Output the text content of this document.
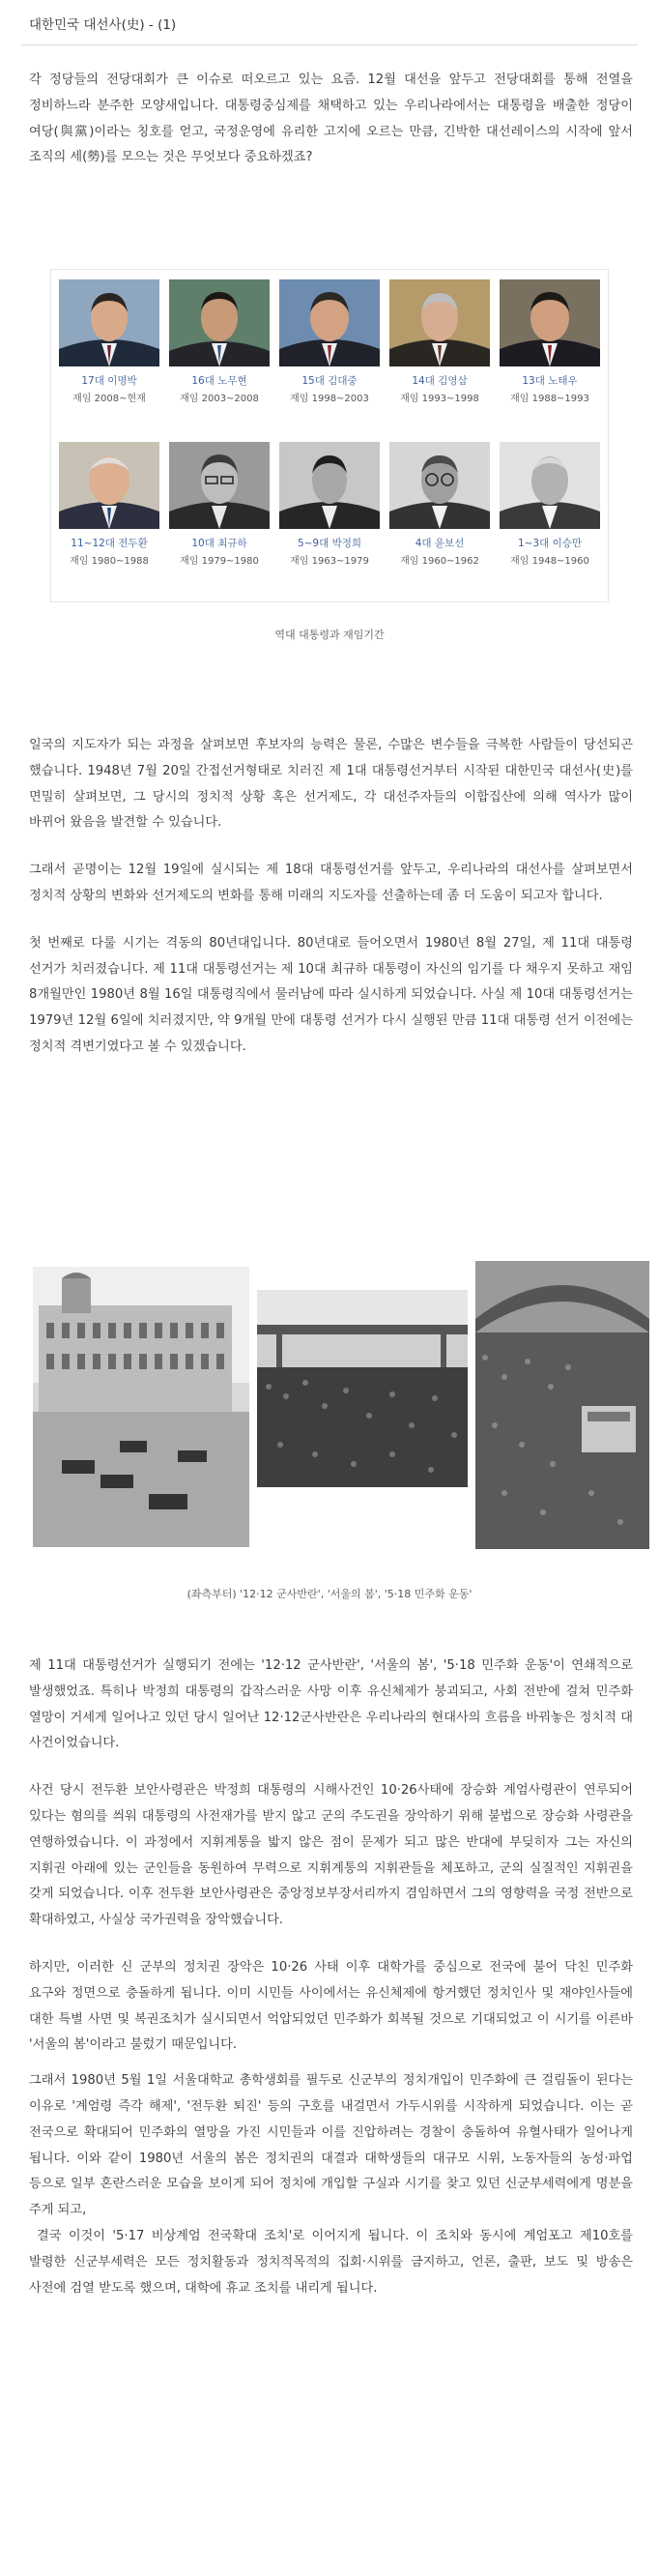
대한민국 대선사(史) - (1)

각 정당들의 전당대회가 큰 이슈로 떠오르고 있는 요즘. 12월 대선을 앞두고 전당대회를 통해 전열을 정비하느라 분주한 모양새입니다. 대통령중심제를 채택하고 있는 우리나라에서는 대통령을 배출한 정당이 여당(與黨)이라는 칭호를 얻고, 국정운영에 유리한 고지에 오르는 만큼, 긴박한 대선레이스의 시작에 앞서 조직의 세(勢)를 모으는 것은 무엇보다 중요하겠죠?

17대 이명박
재임 2008~현재
16대 노무현
재임 2003~2008
15대 김대중
재임 1998~2003
14대 김영삼
재임 1993~1998
13대 노태우
재임 1988~1993
11~12대 전두환
재임 1980~1988
10대 최규하
재임 1979~1980
5~9대 박정희
재임 1963~1979
4대 윤보선
재임 1960~1962
1~3대 이승만
재임 1948~1960
역대 대통령과 재임기간

일국의 지도자가 되는 과정을 살펴보면 후보자의 능력은 물론, 수많은 변수들을 극복한 사람들이 당선되곤 했습니다. 1948년 7월 20일 간접선거형태로 치러진 제 1대 대통령선거부터 시작된 대한민국 대선사(史)를 면밀히 살펴보면, 그 당시의 정치적 상황 혹은 선거제도, 각 대선주자들의 이합집산에 의해 역사가 많이 바뀌어 왔음을 발견할 수 있습니다.

그래서 곧명이는 12월 19일에 실시되는 제 18대 대통령선거를 앞두고, 우리나라의 대선사를 살펴보면서 정치적 상황의 변화와 선거제도의 변화를 통해 미래의 지도자를 선출하는데 좀 더 도움이 되고자 합니다.

첫 번째로 다룰 시기는 격동의 80년대입니다. 80년대로 들어오면서 1980년 8월 27일, 제 11대 대통령 선거가 치러졌습니다. 제 11대 대통령선거는 제 10대 최규하 대통령이 자신의 임기를 다 채우지 못하고 재임 8개월만인 1980년 8월 16일 대통령직에서 물러남에 따라 실시하게 되었습니다. 사실 제 10대 대통령선거는 1979년 12월 6일에 치러졌지만, 약 9개월 만에 대통령 선거가 다시 실행된 만큼 11대 대통령 선거 이전에는 정치적 격변기였다고 볼 수 있겠습니다.

(좌측부터) '12·12 군사반란', '서울의 봄', '5·18 민주화 운동'

제 11대 대통령선거가 실행되기 전에는 '12·12 군사반란', '서울의 봄', '5·18 민주화 운동'이 연쇄적으로 발생했었죠. 특히나 박정희 대통령의 갑작스러운 사망 이후 유신체제가 붕괴되고, 사회 전반에 걸쳐 민주화 열망이 거세게 일어나고 있던 당시 일어난 12·12군사반란은 우리나라의 현대사의 흐름을 바꿔놓은 정치적 대 사건이었습니다.

사건 당시 전두환 보안사령관은 박정희 대통령의 시해사건인 10·26사태에 장승화 계엄사령관이 연루되어 있다는 혐의를 씌워 대통령의 사전재가를 받지 않고 군의 주도권을 장악하기 위해 불법으로 장승화 사령관을 연행하였습니다. 이 과정에서 지휘계통을 밟지 않은 점이 문제가 되고 많은 반대에 부딪히자 그는 자신의 지휘권 아래에 있는 군인들을 동원하여 무력으로 지휘계통의 지휘관들을 체포하고, 군의 실질적인 지휘권을 갖게 되었습니다. 이후 전두환 보안사령관은 중앙정보부장서리까지 겸임하면서 그의 영향력을 국정 전반으로 확대하였고, 사실상 국가권력을 장악했습니다.

하지만, 이러한 신 군부의 정치권 장악은 10·26 사태 이후 대학가를 중심으로 전국에 불어 닥친 민주화 요구와 정면으로 충돌하게 됩니다. 이미 시민들 사이에서는 유신체제에 항거했던 정치인사 및 재야인사들에 대한 특별 사면 및 복권조치가 실시되면서 억압되었던 민주화가 회복될 것으로 기대되었고 이 시기를 이른바 '서울의 봄'이라고 불렀기 때문입니다.

그래서 1980년 5월 1일 서울대학교 총학생회를 필두로 신군부의 정치개입이 민주화에 큰 걸림돌이 된다는 이유로 '계엄령 즉각 해제', '전두환 퇴진' 등의 구호를 내걸면서 가두시위를 시작하게 되었습니다. 이는 곧 전국으로 확대되어 민주화의 열망을 가진 시민들과 이를 진압하려는 경찰이 충돌하여 유혈사태가 일어나게 됩니다. 이와 같이 1980년 서울의 봄은 정치권의 대결과 대학생들의 대규모 시위, 노동자들의 농성·파업 등으로 일부 혼란스러운 모습을 보이게 되어 정치에 개입할 구실과 시기를 찾고 있던 신군부세력에게 명분을 주게 되고,

결국 이것이 '5·17 비상계엄 전국확대 조치'로 이어지게 됩니다. 이 조치와 동시에 계엄포고 제10호를 발령한 신군부세력은 모든 정치활동과 정치적목적의 집회·시위를 금지하고, 언론, 출판, 보도 및 방송은 사전에 검열 받도록 했으며, 대학에 휴교 조치를 내리게 됩니다.
